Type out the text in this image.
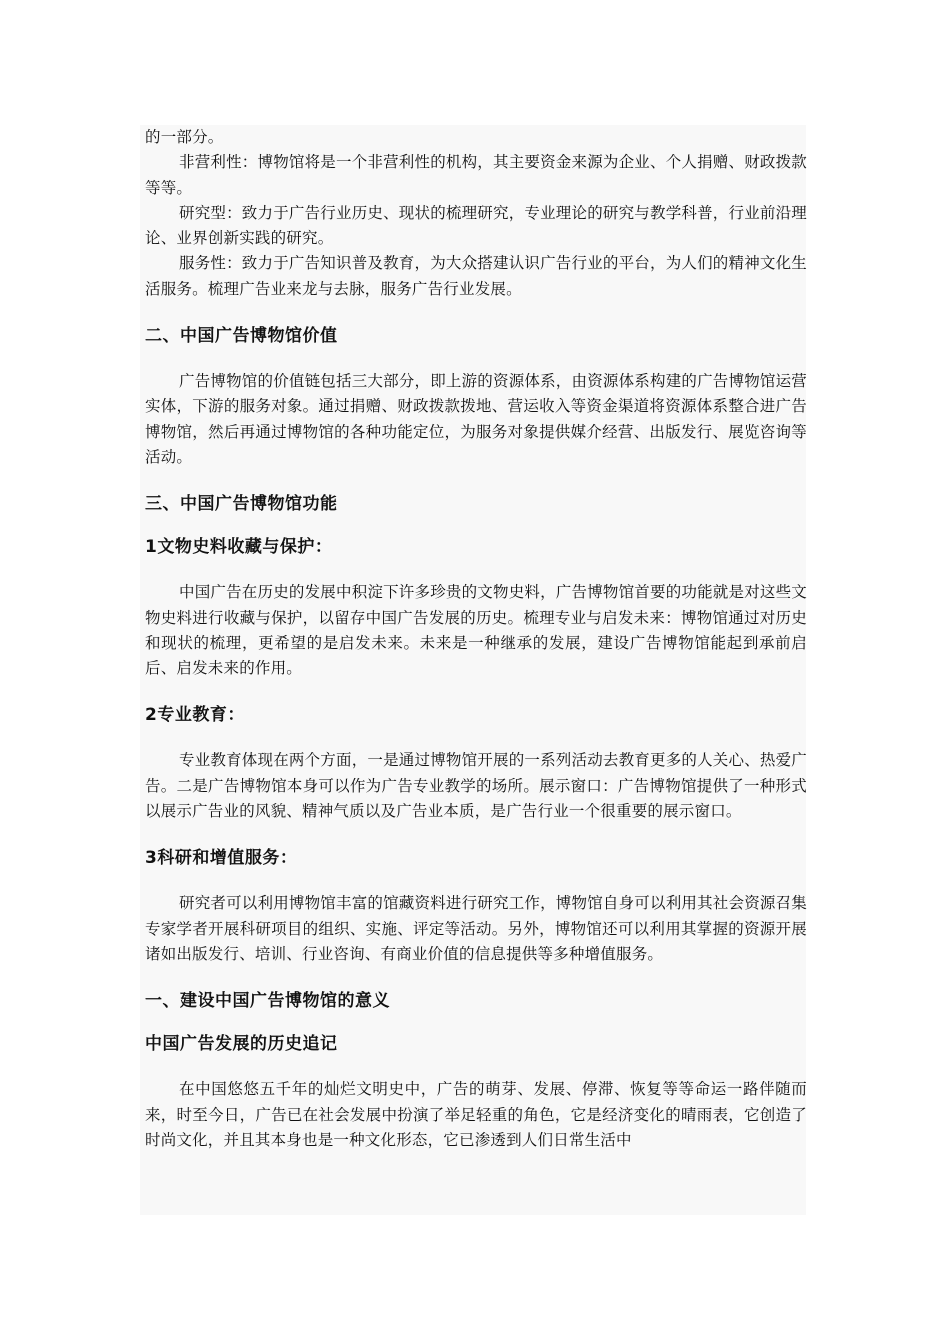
的一部分。

非营利性：博物馆将是一个非营利性的机构，其主要资金来源为企业、个人捐赠、财政拨款等等。

研究型：致力于广告行业历史、现状的梳理研究，专业理论的研究与教学科普，行业前沿理论、业界创新实践的研究。

服务性：致力于广告知识普及教育，为大众搭建认识广告行业的平台，为人们的精神文化生活服务。梳理广告业来龙与去脉，服务广告行业发展。

二、中国广告博物馆价值

广告博物馆的价值链包括三大部分，即上游的资源体系，由资源体系构建的广告博物馆运营实体，下游的服务对象。通过捐赠、财政拨款拨地、营运收入等资金渠道将资源体系整合进广告博物馆，然后再通过博物馆的各种功能定位，为服务对象提供媒介经营、出版发行、展览咨询等活动。

三、中国广告博物馆功能
1文物史料收藏与保护：

中国广告在历史的发展中积淀下许多珍贵的文物史料，广告博物馆首要的功能就是对这些文物史料进行收藏与保护，以留存中国广告发展的历史。梳理专业与启发未来：博物馆通过对历史和现状的梳理，更希望的是启发未来。未来是一种继承的发展，建设广告博物馆能起到承前启后、启发未来的作用。

2专业教育：

专业教育体现在两个方面，一是通过博物馆开展的一系列活动去教育更多的人关心、热爱广告。二是广告博物馆本身可以作为广告专业教学的场所。展示窗口：广告博物馆提供了一种形式以展示广告业的风貌、精神气质以及广告业本质，是广告行业一个很重要的展示窗口。

3科研和增值服务：

研究者可以利用博物馆丰富的馆藏资料进行研究工作，博物馆自身可以利用其社会资源召集专家学者开展科研项目的组织、实施、评定等活动。另外，博物馆还可以利用其掌握的资源开展诸如出版发行、培训、行业咨询、有商业价值的信息提供等多种增值服务。

一、建设中国广告博物馆的意义
中国广告发展的历史追记

在中国悠悠五千年的灿烂文明史中，广告的萌芽、发展、停滞、恢复等等命运一路伴随而来，时至今日，广告已在社会发展中扮演了举足轻重的角色，它是经济变化的晴雨表，它创造了时尚文化，并且其本身也是一种文化形态，它已渗透到人们日常生活中
